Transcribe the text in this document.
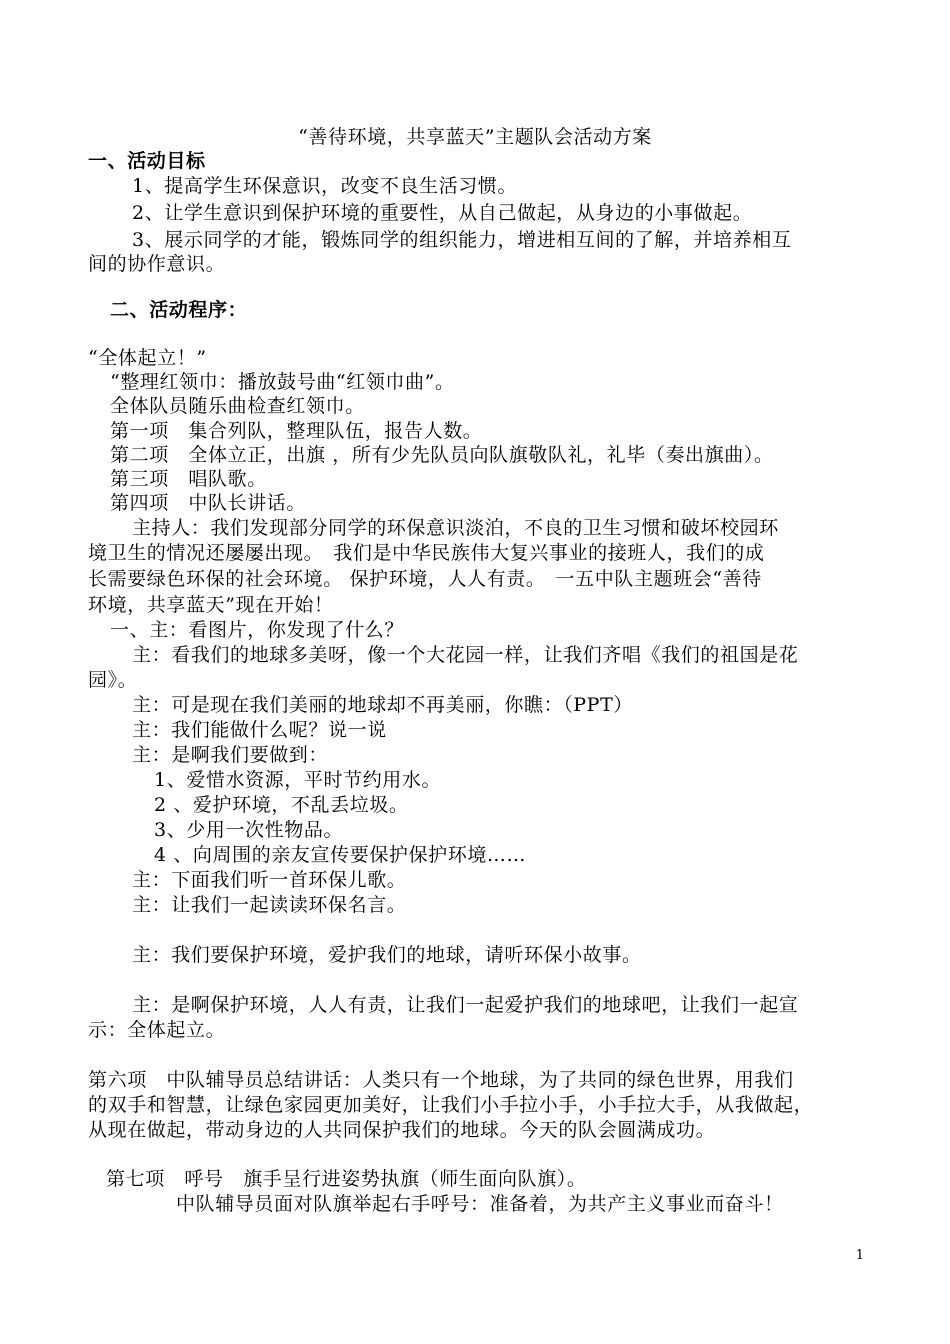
“善待环境，共享蓝天”主题队会活动方案
一、活动目标
1、提高学生环保意识，改变不良生活习惯。
2、让学生意识到保护环境的重要性，从自己做起，从身边的小事做起。
3、展示同学的才能，锻炼同学的组织能力，增进相互间的了解，并培养相互
间的协作意识。
二、活动程序：
“全体起立！”
“整理红领巾：播放鼓号曲“红领巾曲”。
全体队员随乐曲检查红领巾。
第一项　集合列队，整理队伍，报告人数。
第二项　全体立正，出旗 ，所有少先队员向队旗敬队礼，礼毕（奏出旗曲）。
第三项　唱队歌。
第四项　中队长讲话。
主持人：我们发现部分同学的环保意识淡泊，不良的卫生习惯和破坏校园环
境卫生的情况还屡屡出现。　我们是中华民族伟大复兴事业的接班人，我们的成
长需要绿色环保的社会环境。 保护环境，人人有责。　一五中队主题班会“善待
环境，共享蓝天”现在开始！
一、主：看图片，你发现了什么？
主：看我们的地球多美呀，像一个大花园一样，让我们齐唱《我们的祖国是花
园》。
主：可是现在我们美丽的地球却不再美丽，你瞧：（PPT）
主：我们能做什么呢？说一说
主：是啊我们要做到：
1、爱惜水资源，平时节约用水。
2 、爱护环境，不乱丢垃圾。
3、少用一次性物品。
4 、向周围的亲友宣传要保护保护环境……
主：下面我们听一首环保儿歌。
主：让我们一起读读环保名言。
主：我们要保护环境，爱护我们的地球，请听环保小故事。
主：是啊保护环境，人人有责，让我们一起爱护我们的地球吧，让我们一起宣
示：全体起立。
第六项　中队辅导员总结讲话：人类只有一个地球，为了共同的绿色世界，用我们
的双手和智慧，让绿色家园更加美好，让我们小手拉小手，小手拉大手，从我做起，
从现在做起，带动身边的人共同保护我们的地球。今天的队会圆满成功。
第七项　呼号　旗手呈行进姿势执旗（师生面向队旗）。
中队辅导员面对队旗举起右手呼号：准备着，为共产主义事业而奋斗！
1
